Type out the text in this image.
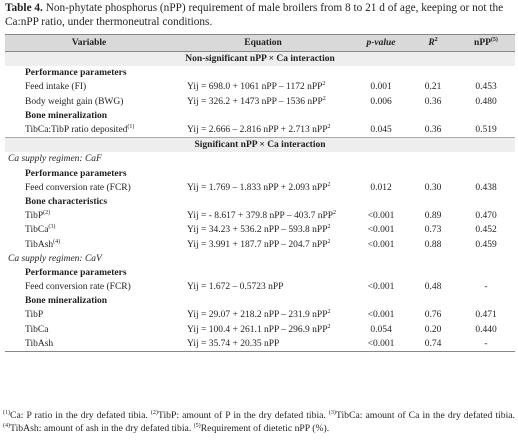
Table 4. Non-phytate phosphorus (nPP) requirement of male broilers from 8 to 21 d of age, keeping or not the Ca:nPP ratio, under thermoneutral conditions.
Variable	Equation	p-value	$R^2$	nPP$^{(5)}$
Non-significant nPP × Ca interaction				
Performance parameters				
Feed intake (FI)	Yij = 698.0 + 1061 nPP – 1172 nPP$^2$	0.001	0.21	0.453
Body weight gain (BWG)	Yij = 326.2 + 1473 nPP – 1536 nPP$^2$	0.006	0.36	0.480
Bone mineralization				
TibCa:TibP ratio deposited$^{(1)}$	Yij = 2.666 – 2.816 nPP + 2.713 nPP$^2$	0.045	0.36	0.519
Significant nPP × Ca interaction				
Ca supply regimen: CaF				
Performance parameters				
Feed conversion rate (FCR)	Yij = 1.769 – 1.833 nPP + 2.093 nPP$^2$	0.012	0.30	0.438
Bone characteristics				
TibP$^{(2)}$	Yij = - 8.617 + 379.8 nPP – 403.7 nPP$^2$	<0.001	0.89	0.470
TibCa$^{(3)}$	Yij = 34.23 + 536.2 nPP – 593.8 nPP$^2$	<0.001	0.73	0.452
TibAsh$^{(4)}$	Yij = 3.991 + 187.7 nPP – 204.7 nPP$^2$	<0.001	0.88	0.459
Ca supply regimen: CaV				
Performance parameters				
Feed conversion rate (FCR)	Yij = 1.672 – 0.5723 nPP	<0.001	0.48	-
Bone mineralization				
TibP	Yij = 29.07 + 218.2 nPP – 231.9 nPP$^2$	<0.001	0.76	0.471
TibCa	Yij = 100.4 + 261.1 nPP – 296.9 nPP$^2$	0.054	0.20	0.440
TibAsh	Yij = 35.74 + 20.35 nPP	<0.001	0.74	-
$^{(1)}$Ca: P ratio in the dry defated tibia. $^{(2)}$TibP: amount of P in the dry defated tibia. $^{(3)}$TibCa: amount of Ca in the dry defated tibia. $^{(4)}$TibAsh: amount of ash in the dry defated tibia. $^{(5)}$Requirement of dietetic nPP (%).
